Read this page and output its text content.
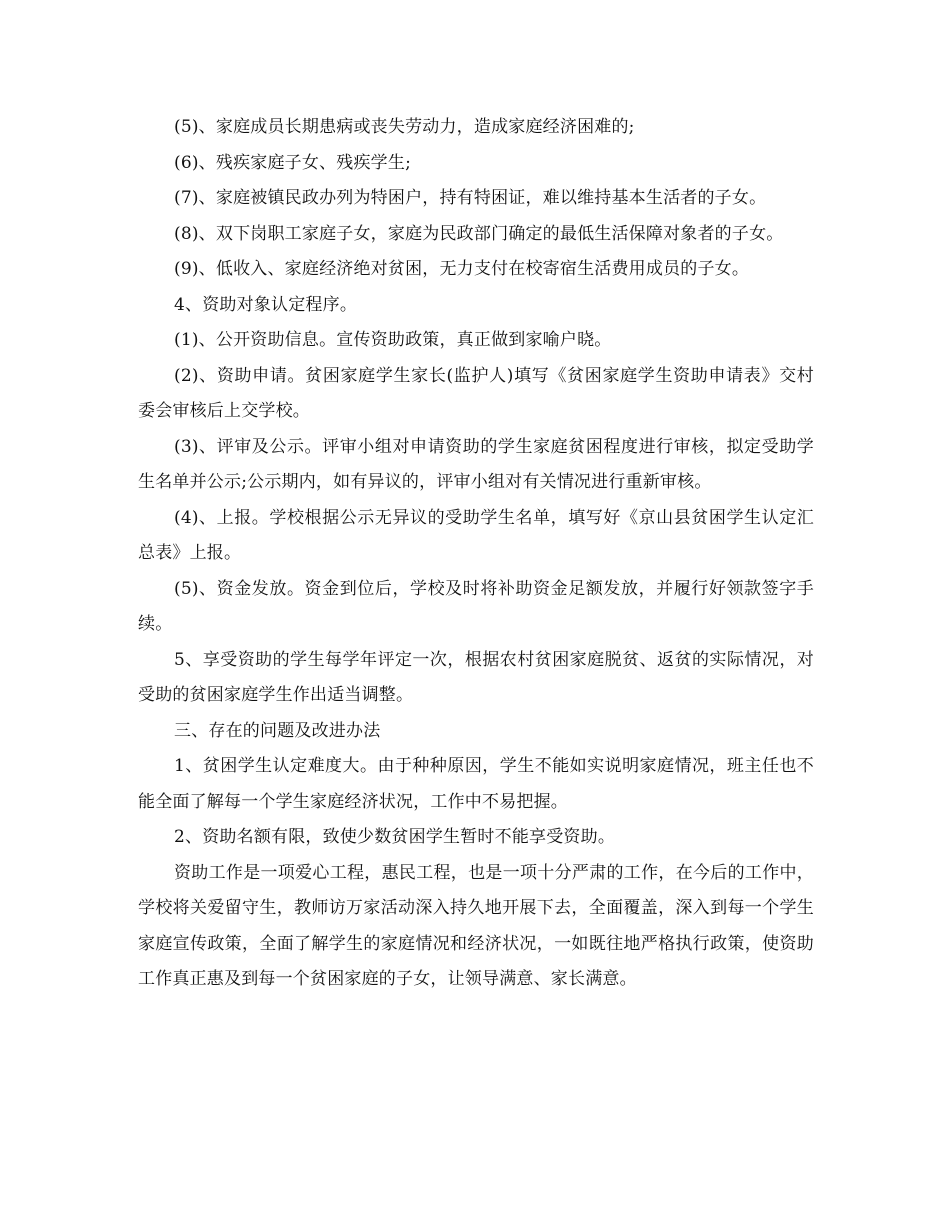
(5)、家庭成员长期患病或丧失劳动力，造成家庭经济困难的;

(6)、残疾家庭子女、残疾学生;

(7)、家庭被镇民政办列为特困户，持有特困证，难以维持基本生活者的子女。

(8)、双下岗职工家庭子女，家庭为民政部门确定的最低生活保障对象者的子女。

(9)、低收入、家庭经济绝对贫困，无力支付在校寄宿生活费用成员的子女。

4、资助对象认定程序。

(1)、公开资助信息。宣传资助政策，真正做到家喻户晓。

(2)、资助申请。贫困家庭学生家长(监护人)填写《贫困家庭学生资助申请表》交村委会审核后上交学校。

(3)、评审及公示。评审小组对申请资助的学生家庭贫困程度进行审核，拟定受助学生名单并公示;公示期内，如有异议的，评审小组对有关情况进行重新审核。

(4)、上报。学校根据公示无异议的受助学生名单，填写好《京山县贫困学生认定汇总表》上报。

(5)、资金发放。资金到位后，学校及时将补助资金足额发放，并履行好领款签字手续。

5、享受资助的学生每学年评定一次，根据农村贫困家庭脱贫、返贫的实际情况，对受助的贫困家庭学生作出适当调整。

三、存在的问题及改进办法

1、贫困学生认定难度大。由于种种原因，学生不能如实说明家庭情况，班主任也不能全面了解每一个学生家庭经济状况，工作中不易把握。

2、资助名额有限，致使少数贫困学生暂时不能享受资助。

资助工作是一项爱心工程，惠民工程，也是一项十分严肃的工作，在今后的工作中，学校将关爱留守生，教师访万家活动深入持久地开展下去，全面覆盖，深入到每一个学生家庭宣传政策，全面了解学生的家庭情况和经济状况，一如既往地严格执行政策，使资助工作真正惠及到每一个贫困家庭的子女，让领导满意、家长满意。
